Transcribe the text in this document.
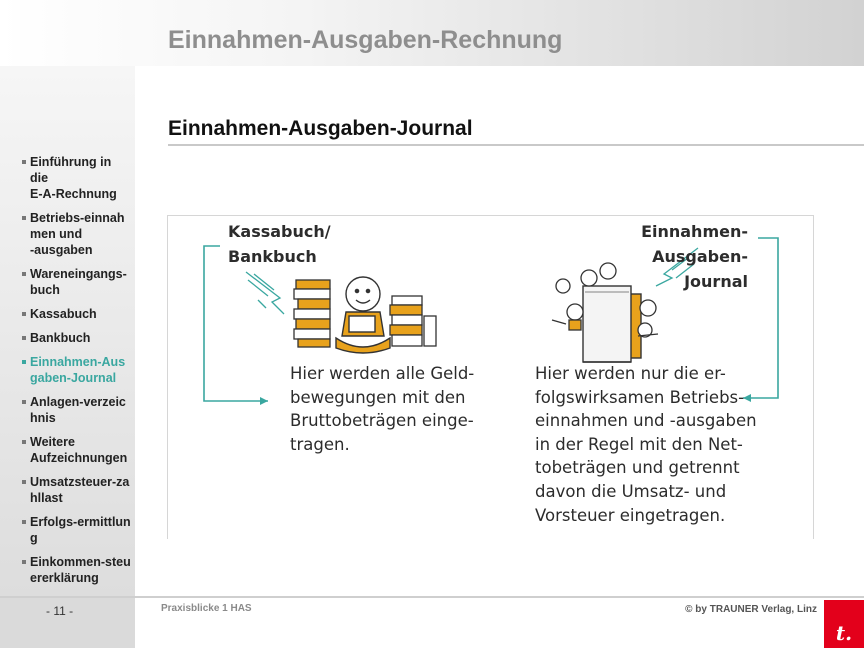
Einnahmen-Ausgaben-Rechnung
Einführung in
die
E-A-Rechnung
Betriebs-einnah
men und
-ausgaben
Wareneingangs-
buch
Kassabuch
Bankbuch
Einnahmen-Aus
gaben-Journal
Anlagen-verzeic
hnis
Weitere
Aufzeichnungen
Umsatzsteuer-za
hllast
Erfolgs-ermittlun
g
Einkommen-steu
ererklärung
Einnahmen-Ausgaben-Journal
Kassabuch/
Bankbuch
Einnahmen-Ausgaben-
Journal
Hier werden alle Geld-
bewegungen mit den
Bruttobeträgen einge-
tragen.
Hier werden nur die er-
folgswirksamen Betriebs-
einnahmen und -ausgaben
in der Regel mit den Net-
tobeträgen und getrennt
davon die Umsatz- und
Vorsteuer eingetragen.
- 11 -	Praxisblicke 1 HAS	© by TRAUNER Verlag, Linz
t.
